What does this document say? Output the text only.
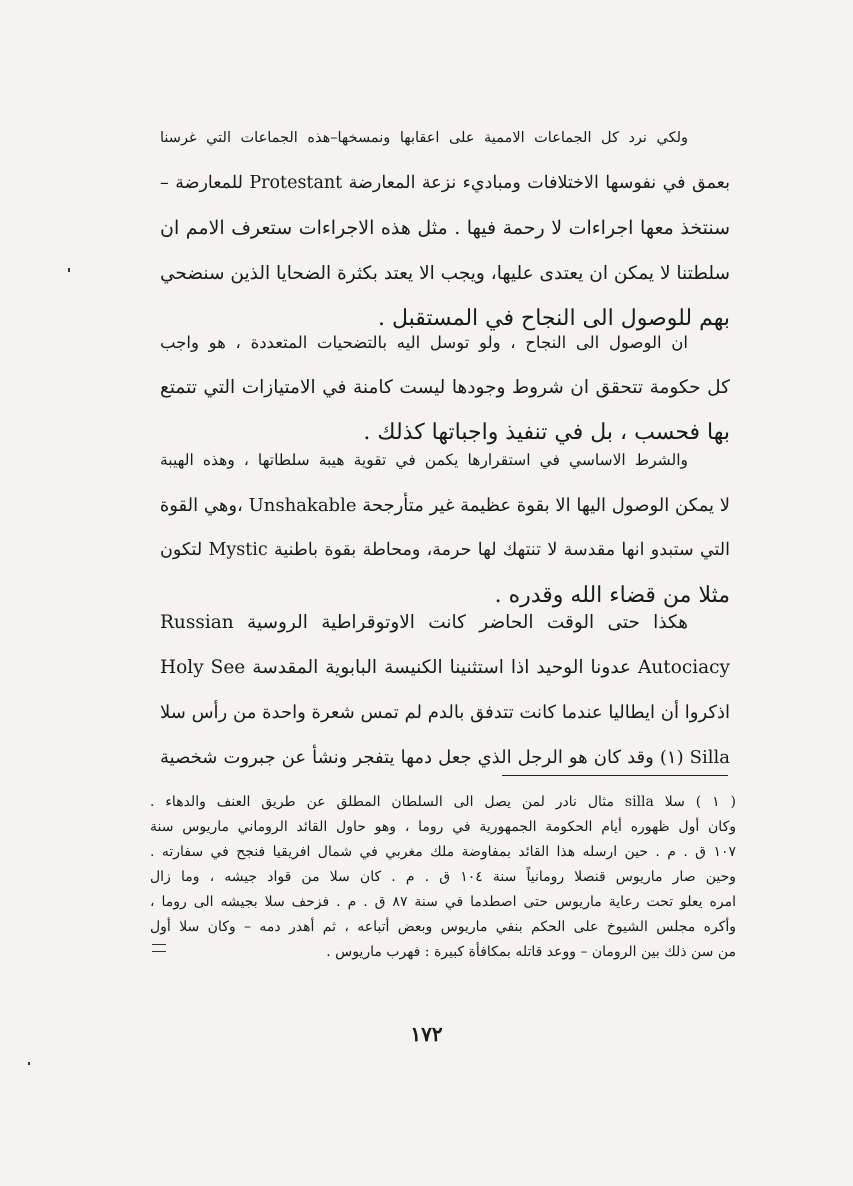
ولكي نرد كل الجماعات الاممية على اعقابها ونمسخها–هذه الجماعات التي غرسنا
بعمق في نفوسها الاختلافات ومباديء نزعة المعارضة Protestant للمعارضة –
سنتخذ معها اجراءات لا رحمة فيها . مثل هذه الاجراءات ستعرف الامم ان
سلطتنا لا يمكن ان يعتدى عليها، ويجب الا يعتد بكثرة الضحايا الذين سنضحي
بهم للوصول الى النجاح في المستقبل .
ان الوصول الى النجاح ، ولو توسل اليه بالتضحيات المتعددة ، هو واجب
كل حكومة تتحقق ان شروط وجودها ليست كامنة في الامتيازات التي تتمتع
بها فحسب ، بل في تنفيذ واجباتها كذلك .
والشرط الاساسي في استقرارها يكمن في تقوية هيبة سلطاتها ، وهذه الهيبة
لا يمكن الوصول اليها الا بقوة عظيمة غير متأرجحة Unshakable ،وهي القوة
التي ستبدو انها مقدسة لا تنتهك لها حرمة، ومحاطة بقوة باطنية Mystic لتكون
مثلا من قضاء الله وقدره .
هكذا حتى الوقت الحاضر كانت الاوتوقراطية الروسية Russian
Autociacy عدونا الوحيد اذا استثنينا الكنيسة البابوية المقدسة Holy See
اذكروا أن ايطاليا عندما كانت تتدفق بالدم لم تمس شعرة واحدة من رأس سلا
Silla (١) وقد كان هو الرجل الذي جعل دمها يتفجر ونشأ عن جبروت شخصية
( ١ ) سلا silla مثال نادر لمن يصل الى السلطان المطلق عن طريق العنف والدهاء .
وكان أول ظهوره أيام الحكومة الجمهورية في روما ، وهو حاول القائد الروماني ماريوس سنة
١٠٧ ق . م . حين ارسله هذا القائد بمفاوضة ملك مغربي في شمال افريقيا فنجح في سفارته .
وحين صار ماريوس قنصلا رومانياً سنة ١٠٤ ق . م . كان سلا من قواد جيشه ، وما زال
امره يعلو تحت رعاية ماريوس حتى اصطدما في سنة ٨٧ ق . م . فزحف سلا بجيشه الى روما ،
وأكره مجلس الشيوخ على الحكم بنفي ماريوس وبعض أتباعه ، ثم أهدر دمه – وكان سلا أول
من سن ذلك بين الرومان – ووعد قاتله بمكافأة كبيرة : فهرب ماريوس .
١٧٢
